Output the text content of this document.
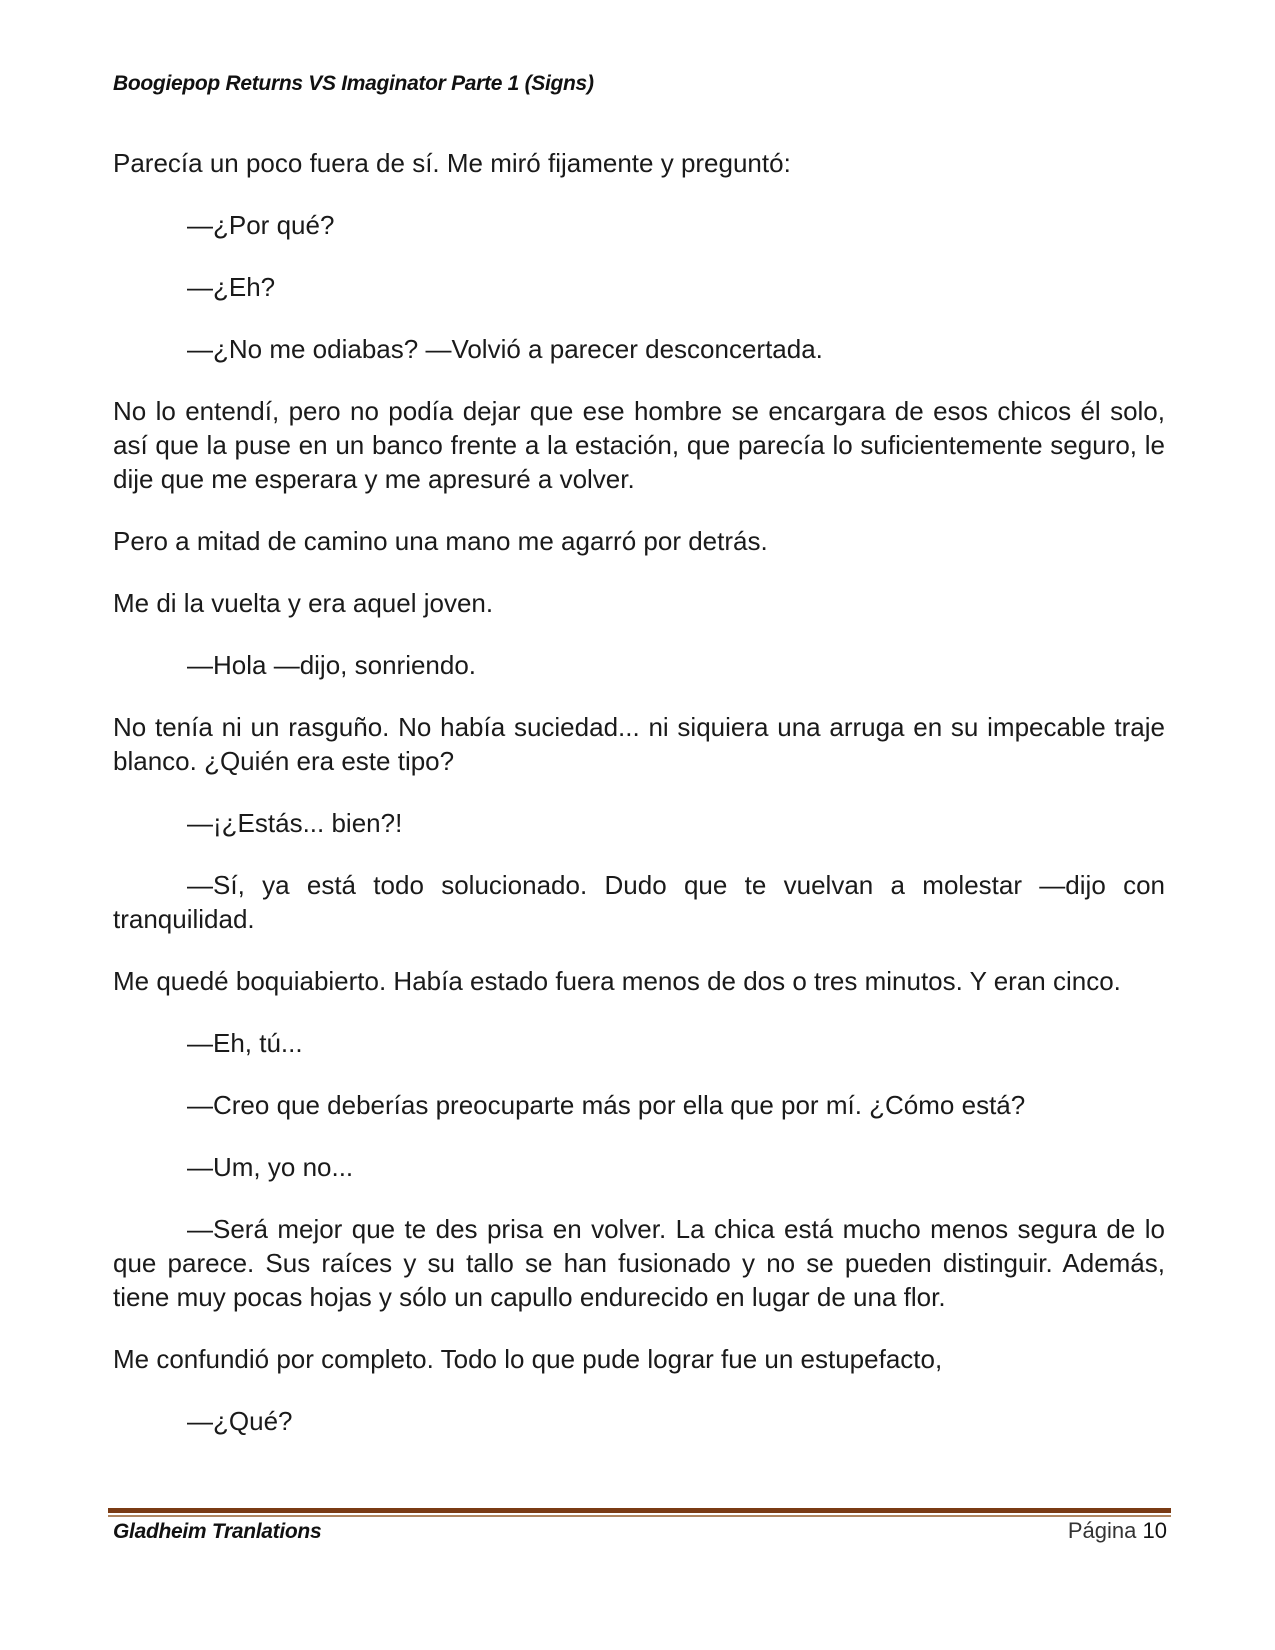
Boogiepop Returns VS Imaginator Parte 1 (Signs)

Parecía un poco fuera de sí. Me miró fijamente y preguntó:

—¿Por qué?

—¿Eh?

—¿No me odiabas? —Volvió a parecer desconcertada.

No lo entendí, pero no podía dejar que ese hombre se encargara de esos chicos él solo, así que la puse en un banco frente a la estación, que parecía lo suficientemente seguro, le dije que me esperara y me apresuré a volver.

Pero a mitad de camino una mano me agarró por detrás.

Me di la vuelta y era aquel joven.

—Hola —dijo, sonriendo.

No tenía ni un rasguño. No había suciedad... ni siquiera una arruga en su impecable traje blanco. ¿Quién era este tipo?

—¡¿Estás... bien?!

—Sí, ya está todo solucionado. Dudo que te vuelvan a molestar —dijo con tranquilidad.

Me quedé boquiabierto. Había estado fuera menos de dos o tres minutos. Y eran cinco.

—Eh, tú...

—Creo que deberías preocuparte más por ella que por mí. ¿Cómo está?

—Um, yo no...

—Será mejor que te des prisa en volver. La chica está mucho menos segura de lo que parece. Sus raíces y su tallo se han fusionado y no se pueden distinguir. Además, tiene muy pocas hojas y sólo un capullo endurecido en lugar de una flor.

Me confundió por completo. Todo lo que pude lograr fue un estupefacto,

—¿Qué?

Gladheim Tranlations	Página 10
